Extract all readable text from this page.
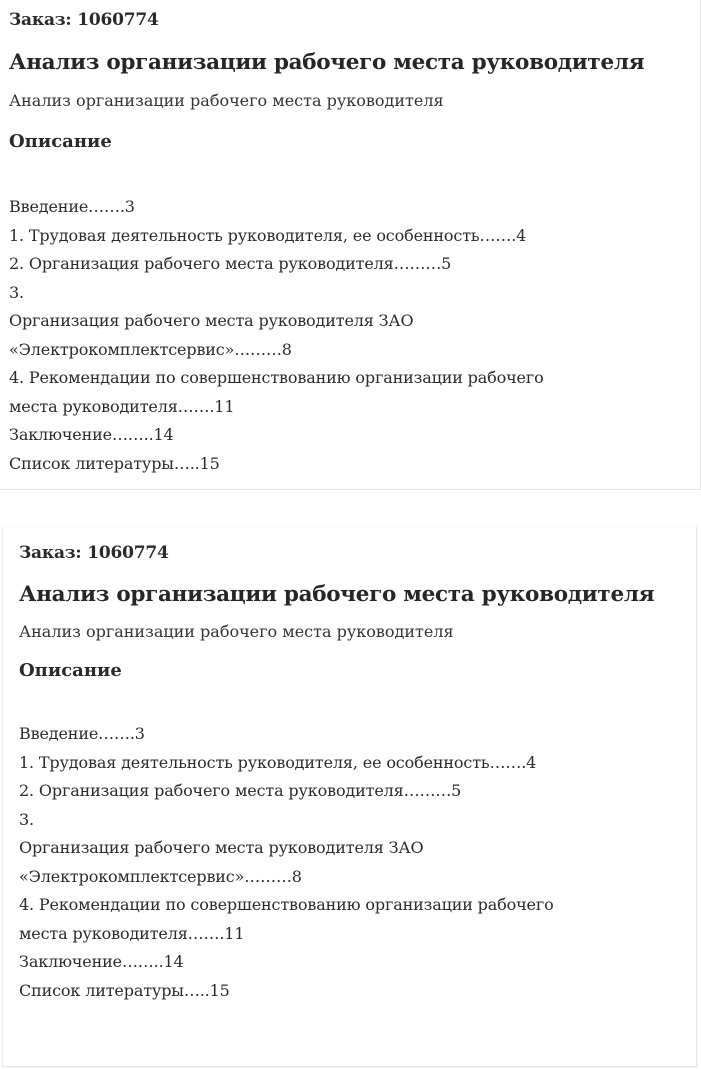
Заказ: 1060774
Анализ организации рабочего места руководителя
Анализ организации рабочего места руководителя
Описание
Введение…….3
1. Трудовая деятельность руководителя, ее особенность…….4
2. Организация рабочего места руководителя………5
3.
Организация рабочего места руководителя ЗАО
«Электрокомплектсервис»………8
4. Рекомендации по совершенствованию организации рабочего
места руководителя…….11
Заключение……..14
Список литературы…..15
Заказ: 1060774
Анализ организации рабочего места руководителя
Анализ организации рабочего места руководителя
Описание
Введение…….3
1. Трудовая деятельность руководителя, ее особенность…….4
2. Организация рабочего места руководителя………5
3.
Организация рабочего места руководителя ЗАО
«Электрокомплектсервис»………8
4. Рекомендации по совершенствованию организации рабочего
места руководителя…….11
Заключение……..14
Список литературы…..15
